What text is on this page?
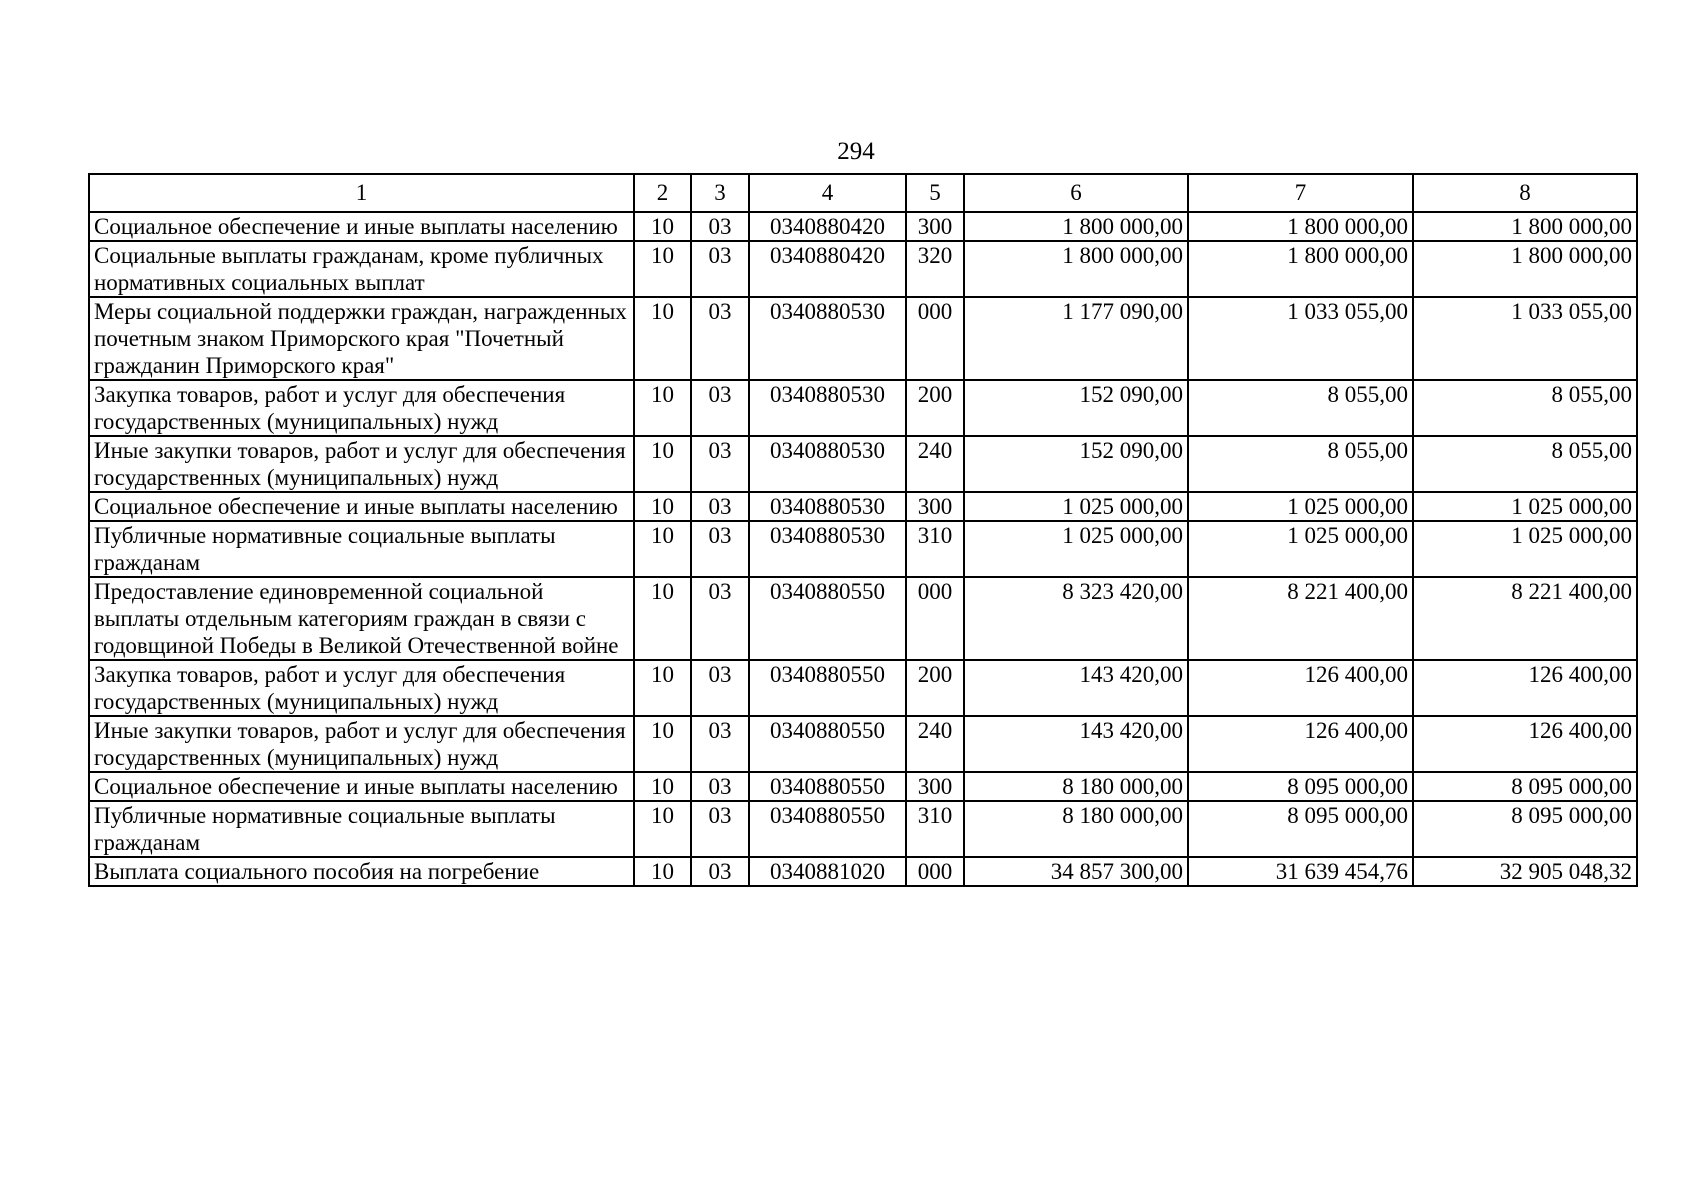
294
1	2	3	4	5	6	7	8
Социальное обеспечение и иные выплаты населению	10	03	0340880420	300	1 800 000,00	1 800 000,00	1 800 000,00
Социальные выплаты гражданам, кроме публичных нормативных социальных выплат	10	03	0340880420	320	1 800 000,00	1 800 000,00	1 800 000,00
Меры социальной поддержки граждан, награжденных почетным знаком Приморского края "Почетный гражданин Приморского края"	10	03	0340880530	000	1 177 090,00	1 033 055,00	1 033 055,00
Закупка товаров, работ и услуг для обеспечения государственных (муниципальных) нужд	10	03	0340880530	200	152 090,00	8 055,00	8 055,00
Иные закупки товаров, работ и услуг для обеспечения государственных (муниципальных) нужд	10	03	0340880530	240	152 090,00	8 055,00	8 055,00
Социальное обеспечение и иные выплаты населению	10	03	0340880530	300	1 025 000,00	1 025 000,00	1 025 000,00
Публичные нормативные социальные выплаты гражданам	10	03	0340880530	310	1 025 000,00	1 025 000,00	1 025 000,00
Предоставление единовременной социальной выплаты отдельным категориям граждан в связи с годовщиной Победы в Великой Отечественной войне	10	03	0340880550	000	8 323 420,00	8 221 400,00	8 221 400,00
Закупка товаров, работ и услуг для обеспечения государственных (муниципальных) нужд	10	03	0340880550	200	143 420,00	126 400,00	126 400,00
Иные закупки товаров, работ и услуг для обеспечения государственных (муниципальных) нужд	10	03	0340880550	240	143 420,00	126 400,00	126 400,00
Социальное обеспечение и иные выплаты населению	10	03	0340880550	300	8 180 000,00	8 095 000,00	8 095 000,00
Публичные нормативные социальные выплаты гражданам	10	03	0340880550	310	8 180 000,00	8 095 000,00	8 095 000,00
Выплата социального пособия на погребение	10	03	0340881020	000	34 857 300,00	31 639 454,76	32 905 048,32
